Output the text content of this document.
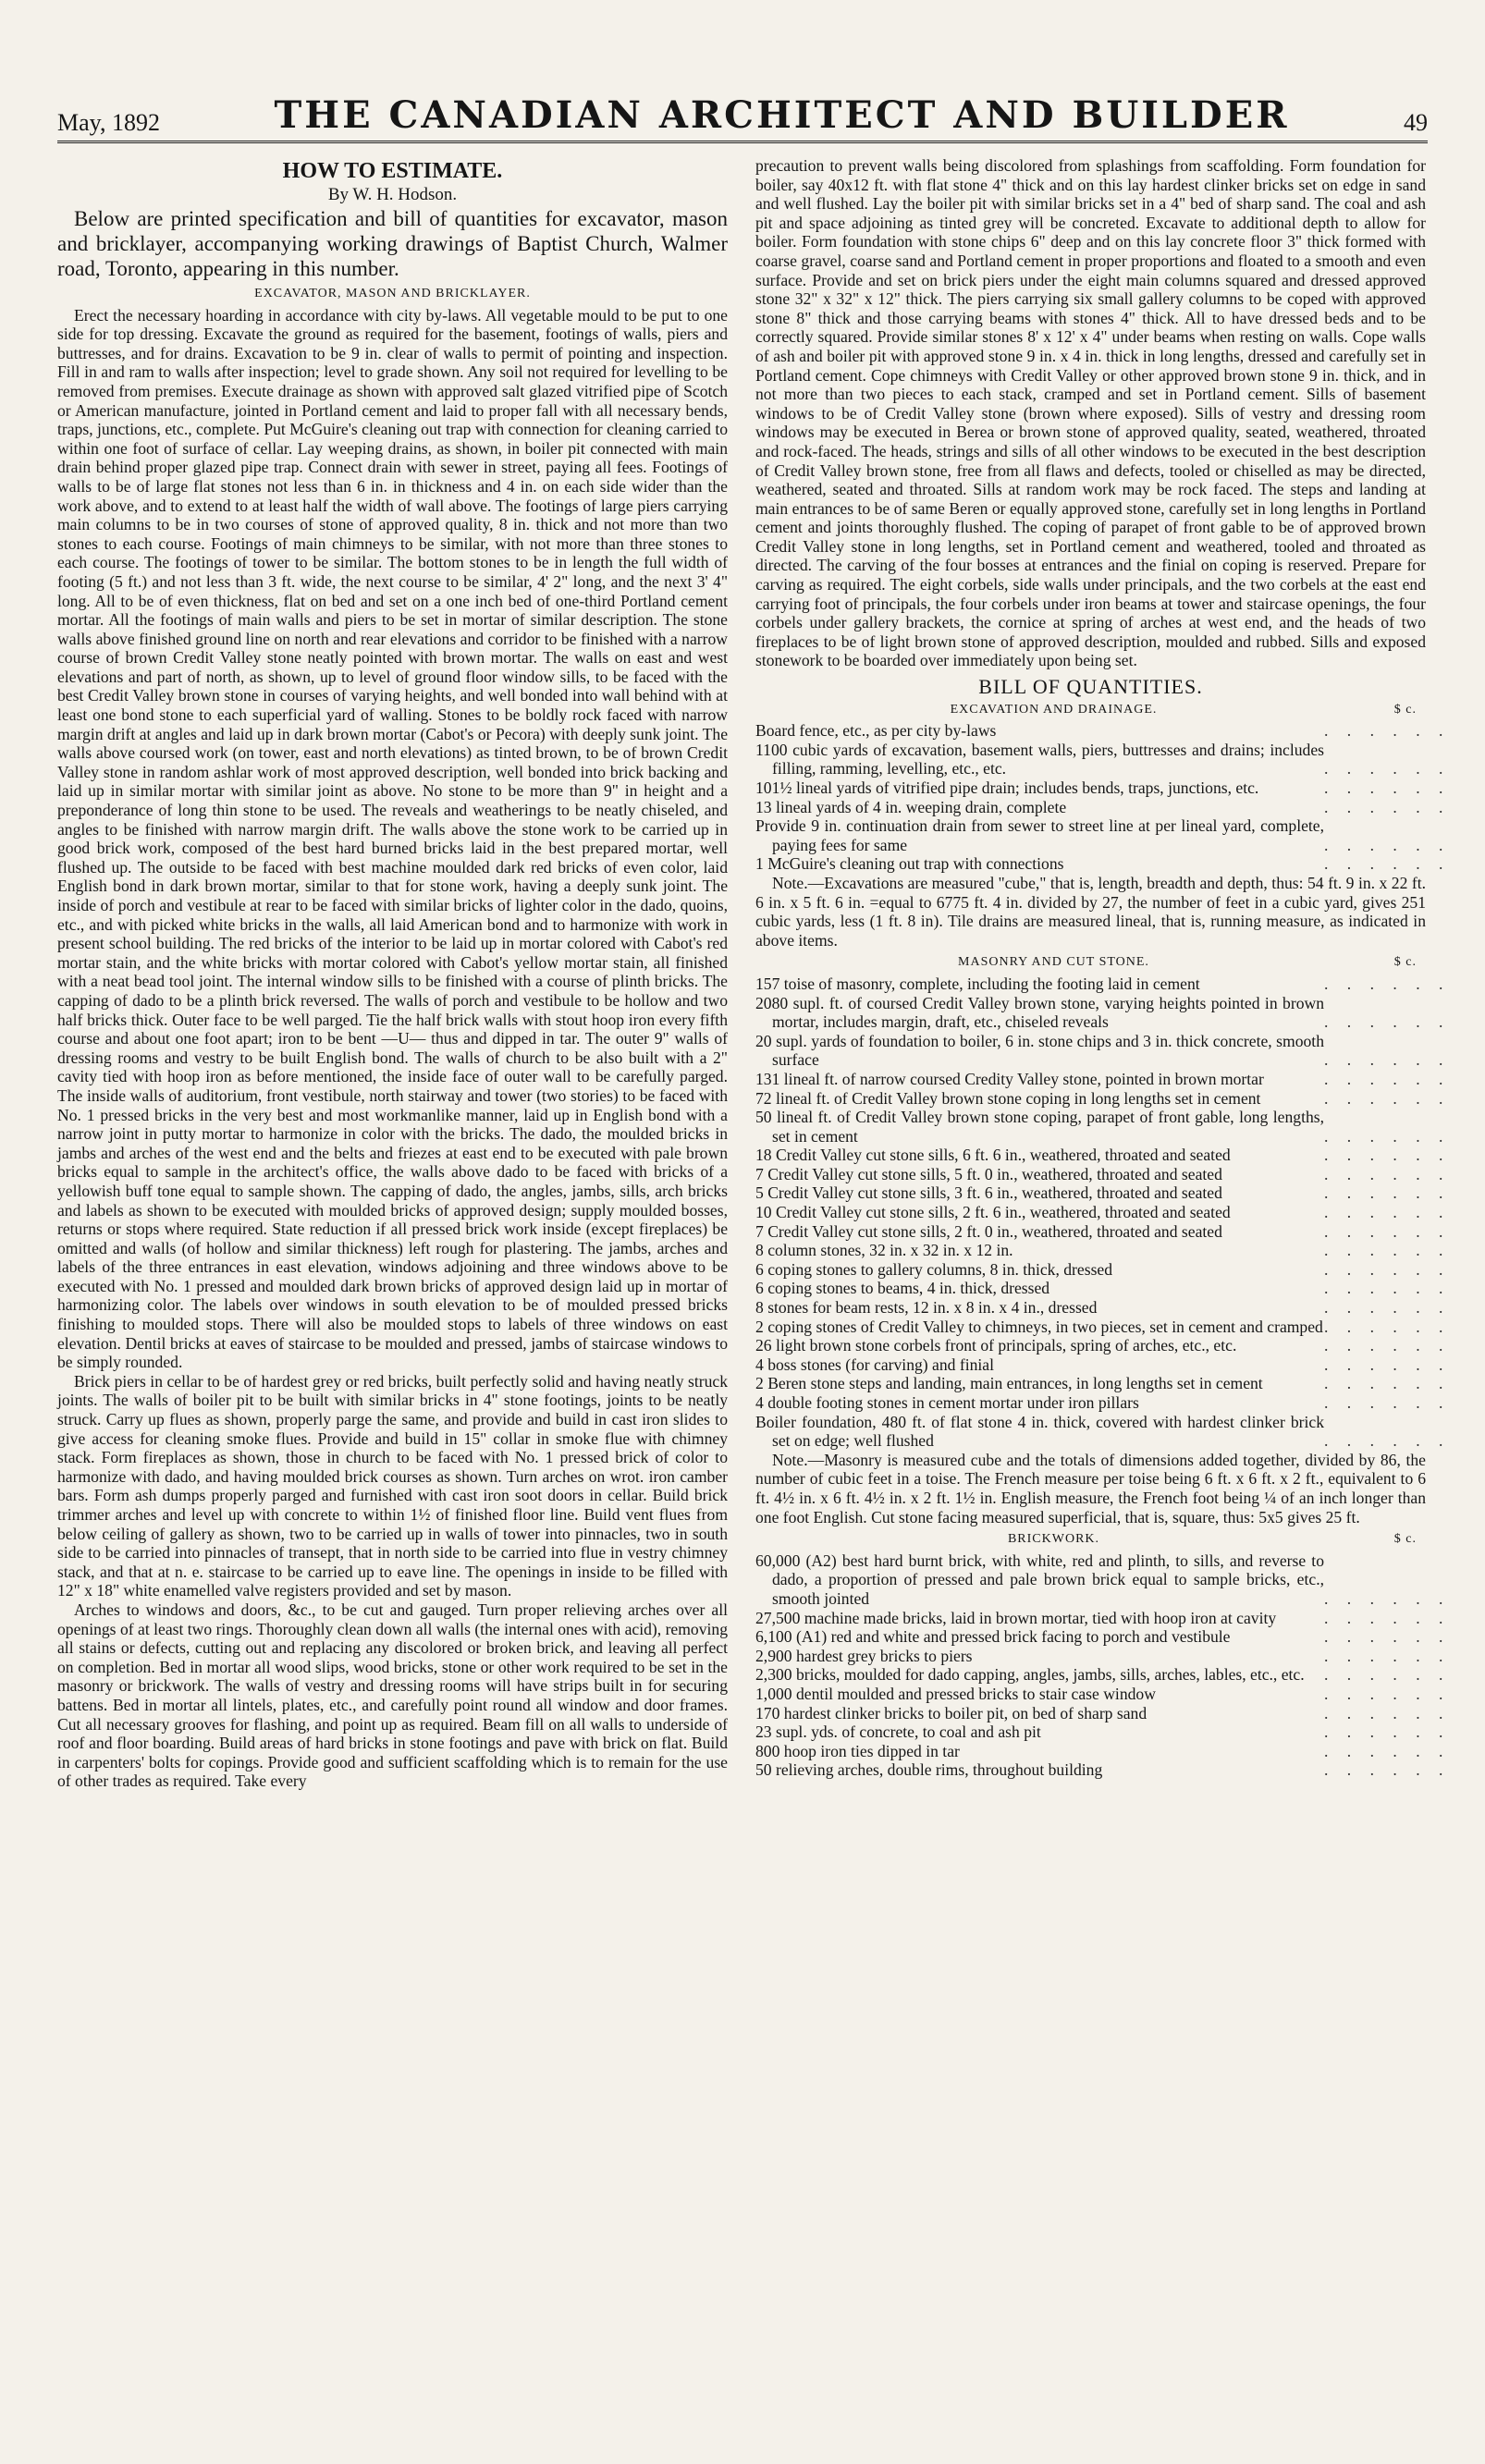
May, 1892	THE CANADIAN ARCHITECT AND BUILDER	49
HOW TO ESTIMATE.
By W. H. Hodson.

Below are printed specification and bill of quantities for excavator, mason and bricklayer, accompanying working drawings of Baptist Church, Walmer road, Toronto, appearing in this number.

EXCAVATOR, MASON AND BRICKLAYER.

Erect the necessary hoarding in accordance with city by-laws. All vegetable mould to be put to one side for top dressing. Excavate the ground as required for the basement, footings of walls, piers and buttresses, and for drains. Excavation to be 9 in. clear of walls to permit of pointing and inspection. Fill in and ram to walls after inspection; level to grade shown. Any soil not required for levelling to be removed from premises. Execute drainage as shown with approved salt glazed vitrified pipe of Scotch or American manufacture, jointed in Portland cement and laid to proper fall with all necessary bends, traps, junctions, etc., complete. Put McGuire's cleaning out trap with connection for cleaning carried to within one foot of surface of cellar. Lay weeping drains, as shown, in boiler pit connected with main drain behind proper glazed pipe trap. Connect drain with sewer in street, paying all fees. Footings of walls to be of large flat stones not less than 6 in. in thickness and 4 in. on each side wider than the work above, and to extend to at least half the width of wall above. The footings of large piers carrying main columns to be in two courses of stone of approved quality, 8 in. thick and not more than two stones to each course. Footings of main chimneys to be similar, with not more than three stones to each course. The footings of tower to be similar. The bottom stones to be in length the full width of footing (5 ft.) and not less than 3 ft. wide, the next course to be similar, 4' 2" long, and the next 3' 4" long. All to be of even thickness, flat on bed and set on a one inch bed of one-third Portland cement mortar. All the footings of main walls and piers to be set in mortar of similar description. The stone walls above finished ground line on north and rear elevations and corridor to be finished with a narrow course of brown Credit Valley stone neatly pointed with brown mortar. The walls on east and west elevations and part of north, as shown, up to level of ground floor window sills, to be faced with the best Credit Valley brown stone in courses of varying heights, and well bonded into wall behind with at least one bond stone to each superficial yard of walling. Stones to be boldly rock faced with narrow margin drift at angles and laid up in dark brown mortar (Cabot's or Pecora) with deeply sunk joint. The walls above coursed work (on tower, east and north elevations) as tinted brown, to be of brown Credit Valley stone in random ashlar work of most approved description, well bonded into brick backing and laid up in similar mortar with similar joint as above. No stone to be more than 9" in height and a preponderance of long thin stone to be used. The reveals and weatherings to be neatly chiseled, and angles to be finished with narrow margin drift. The walls above the stone work to be carried up in good brick work, composed of the best hard burned bricks laid in the best prepared mortar, well flushed up. The outside to be faced with best machine moulded dark red bricks of even color, laid English bond in dark brown mortar, similar to that for stone work, having a deeply sunk joint. The inside of porch and vestibule at rear to be faced with similar bricks of lighter color in the dado, quoins, etc., and with picked white bricks in the walls, all laid American bond and to harmonize with work in present school building. The red bricks of the interior to be laid up in mortar colored with Cabot's red mortar stain, and the white bricks with mortar colored with Cabot's yellow mortar stain, all finished with a neat bead tool joint. The internal window sills to be finished with a course of plinth bricks. The capping of dado to be a plinth brick reversed. The walls of porch and vestibule to be hollow and two half bricks thick. Outer face to be well parged. Tie the half brick walls with stout hoop iron every fifth course and about one foot apart; iron to be bent ―U― thus and dipped in tar. The outer 9" walls of dressing rooms and vestry to be built English bond. The walls of church to be also built with a 2" cavity tied with hoop iron as before mentioned, the inside face of outer wall to be carefully parged. The inside walls of auditorium, front vestibule, north stairway and tower (two stories) to be faced with No. 1 pressed bricks in the very best and most workmanlike manner, laid up in English bond with a narrow joint in putty mortar to harmonize in color with the bricks. The dado, the moulded bricks in jambs and arches of the west end and the belts and friezes at east end to be executed with pale brown bricks equal to sample in the architect's office, the walls above dado to be faced with bricks of a yellowish buff tone equal to sample shown. The capping of dado, the angles, jambs, sills, arch bricks and labels as shown to be executed with moulded bricks of approved design; supply moulded bosses, returns or stops where required. State reduction if all pressed brick work inside (except fireplaces) be omitted and walls (of hollow and similar thickness) left rough for plastering. The jambs, arches and labels of the three entrances in east elevation, windows adjoining and three windows above to be executed with No. 1 pressed and moulded dark brown bricks of approved design laid up in mortar of harmonizing color. The labels over windows in south elevation to be of moulded pressed bricks finishing to moulded stops. There will also be moulded stops to labels of three windows on east elevation. Dentil bricks at eaves of staircase to be moulded and pressed, jambs of staircase windows to be simply rounded.

Brick piers in cellar to be of hardest grey or red bricks, built perfectly solid and having neatly struck joints. The walls of boiler pit to be built with similar bricks in 4" stone footings, joints to be neatly struck. Carry up flues as shown, properly parge the same, and provide and build in cast iron slides to give access for cleaning smoke flues. Provide and build in 15" collar in smoke flue with chimney stack. Form fireplaces as shown, those in church to be faced with No. 1 pressed brick of color to harmonize with dado, and having moulded brick courses as shown. Turn arches on wrot. iron camber bars. Form ash dumps properly parged and furnished with cast iron soot doors in cellar. Build brick trimmer arches and level up with concrete to within 1½ of finished floor line. Build vent flues from below ceiling of gallery as shown, two to be carried up in walls of tower into pinnacles, two in south side to be carried into pinnacles of transept, that in north side to be carried into flue in vestry chimney stack, and that at n. e. staircase to be carried up to eave line. The openings in inside to be filled with 12" x 18" white enamelled valve registers provided and set by mason.

Arches to windows and doors, &c., to be cut and gauged. Turn proper relieving arches over all openings of at least two rings. Thoroughly clean down all walls (the internal ones with acid), removing all stains or defects, cutting out and replacing any discolored or broken brick, and leaving all perfect on completion. Bed in mortar all wood slips, wood bricks, stone or other work required to be set in the masonry or brickwork. The walls of vestry and dressing rooms will have strips built in for securing battens. Bed in mortar all lintels, plates, etc., and carefully point round all window and door frames. Cut all necessary grooves for flashing, and point up as required. Beam fill on all walls to underside of roof and floor boarding. Build areas of hard bricks in stone footings and pave with brick on flat. Build in carpenters' bolts for copings. Provide good and sufficient scaffolding which is to remain for the use of other trades as required. Take every

precaution to prevent walls being discolored from splashings from scaffolding. Form foundation for boiler, say 40x12 ft. with flat stone 4" thick and on this lay hardest clinker bricks set on edge in sand and well flushed. Lay the boiler pit with similar bricks set in a 4" bed of sharp sand. The coal and ash pit and space adjoining as tinted grey will be concreted. Excavate to additional depth to allow for boiler. Form foundation with stone chips 6" deep and on this lay concrete floor 3" thick formed with coarse gravel, coarse sand and Portland cement in proper proportions and floated to a smooth and even surface. Provide and set on brick piers under the eight main columns squared and dressed approved stone 32" x 32" x 12" thick. The piers carrying six small gallery columns to be coped with approved stone 8" thick and those carrying beams with stones 4" thick. All to have dressed beds and to be correctly squared. Provide similar stones 8' x 12' x 4" under beams when resting on walls. Cope walls of ash and boiler pit with approved stone 9 in. x 4 in. thick in long lengths, dressed and carefully set in Portland cement. Cope chimneys with Credit Valley or other approved brown stone 9 in. thick, and in not more than two pieces to each stack, cramped and set in Portland cement. Sills of basement windows to be of Credit Valley stone (brown where exposed). Sills of vestry and dressing room windows may be executed in Berea or brown stone of approved quality, seated, weathered, throated and rock-faced. The heads, strings and sills of all other windows to be executed in the best description of Credit Valley brown stone, free from all flaws and defects, tooled or chiselled as may be directed, weathered, seated and throated. Sills at random work may be rock faced. The steps and landing at main entrances to be of same Beren or equally approved stone, carefully set in long lengths in Portland cement and joints thoroughly flushed. The coping of parapet of front gable to be of approved brown Credit Valley stone in long lengths, set in Portland cement and weathered, tooled and throated as directed. The carving of the four bosses at entrances and the finial on coping is reserved. Prepare for carving as required. The eight corbels, side walls under principals, and the two corbels at the east end carrying foot of principals, the four corbels under iron beams at tower and staircase openings, the four corbels under gallery brackets, the cornice at spring of arches at west end, and the heads of two fireplaces to be of light brown stone of approved description, moulded and rubbed. Sills and exposed stonework to be boarded over immediately upon being set.

BILL OF QUANTITIES.
EXCAVATION AND DRAINAGE.	$ c.
Board fence, etc., as per city by-laws	. . . . . .
1100 cubic yards of excavation, basement walls, piers, buttresses and drains; includes filling, ramming, levelling, etc., etc.	. . . . . .
101½ lineal yards of vitrified pipe drain; includes bends, traps, junctions, etc.	. . . . . .
13 lineal yards of 4 in. weeping drain, complete	. . . . . .
Provide 9 in. continuation drain from sewer to street line at per lineal yard, complete, paying fees for same	. . . . . .
1 McGuire's cleaning out trap with connections	. . . . . .

Note.—Excavations are measured "cube," that is, length, breadth and depth, thus: 54 ft. 9 in. x 22 ft. 6 in. x 5 ft. 6 in. =equal to 6775 ft. 4 in. divided by 27, the number of feet in a cubic yard, gives 251 cubic yards, less (1 ft. 8 in). Tile drains are measured lineal, that is, running measure, as indicated in above items.

MASONRY AND CUT STONE.	$ c.
157 toise of masonry, complete, including the footing laid in cement	. . . . . .
2080 supl. ft. of coursed Credit Valley brown stone, varying heights pointed in brown mortar, includes margin, draft, etc., chiseled reveals	. . . . . .
20 supl. yards of foundation to boiler, 6 in. stone chips and 3 in. thick concrete, smooth surface	. . . . . .
131 lineal ft. of narrow coursed Credity Valley stone, pointed in brown mortar	. . . . . .
72 lineal ft. of Credit Valley brown stone coping in long lengths set in cement	. . . . . .
50 lineal ft. of Credit Valley brown stone coping, parapet of front gable, long lengths, set in cement	. . . . . .
18 Credit Valley cut stone sills, 6 ft. 6 in., weathered, throated and seated	. . . . . .
7 Credit Valley cut stone sills, 5 ft. 0 in., weathered, throated and seated	. . . . . .
5 Credit Valley cut stone sills, 3 ft. 6 in., weathered, throated and seated	. . . . . .
10 Credit Valley cut stone sills, 2 ft. 6 in., weathered, throated and seated	. . . . . .
7 Credit Valley cut stone sills, 2 ft. 0 in., weathered, throated and seated	. . . . . .
8 column stones, 32 in. x 32 in. x 12 in.	. . . . . .
6 coping stones to gallery columns, 8 in. thick, dressed	. . . . . .
6 coping stones to beams, 4 in. thick, dressed	. . . . . .
8 stones for beam rests, 12 in. x 8 in. x 4 in., dressed	. . . . . .
2 coping stones of Credit Valley to chimneys, in two pieces, set in cement and cramped . . . . . .
26 light brown stone corbels front of principals, spring of arches, etc., etc.	. . . . . .
4 boss stones (for carving) and finial	. . . . . .
2 Beren stone steps and landing, main entrances, in long lengths set in cement	. . . . . .
4 double footing stones in cement mortar under iron pillars	. . . . . .
Boiler foundation, 480 ft. of flat stone 4 in. thick, covered with hardest clinker brick set on edge; well flushed	. . . . . .

Note.—Masonry is measured cube and the totals of dimensions added together, divided by 86, the number of cubic feet in a toise. The French measure per toise being 6 ft. x 6 ft. x 2 ft., equivalent to 6 ft. 4½ in. x 6 ft. 4½ in. x 2 ft. 1½ in. English measure, the French foot being ¼ of an inch longer than one foot English. Cut stone facing measured superficial, that is, square, thus: 5x5 gives 25 ft.

BRICKWORK.	$ c.
60,000 (A2) best hard burnt brick, with white, red and plinth, to sills, and reverse to dado, a proportion of pressed and pale brown brick equal to sample bricks, etc., smooth jointed	. . . . . .
27,500 machine made bricks, laid in brown mortar, tied with hoop iron at cavity	. . . . . .
6,100 (A1) red and white and pressed brick facing to porch and vestibule	. . . . . .
2,900 hardest grey bricks to piers	. . . . . .
2,300 bricks, moulded for dado capping, angles, jambs, sills, arches, lables, etc., etc.	. . . . . .
1,000 dentil moulded and pressed bricks to stair case window	. . . . . .
170 hardest clinker bricks to boiler pit, on bed of sharp sand	. . . . . .
23 supl. yds. of concrete, to coal and ash pit	. . . . . .
800 hoop iron ties dipped in tar	. . . . . .
50 relieving arches, double rims, throughout building	. . . . . .
